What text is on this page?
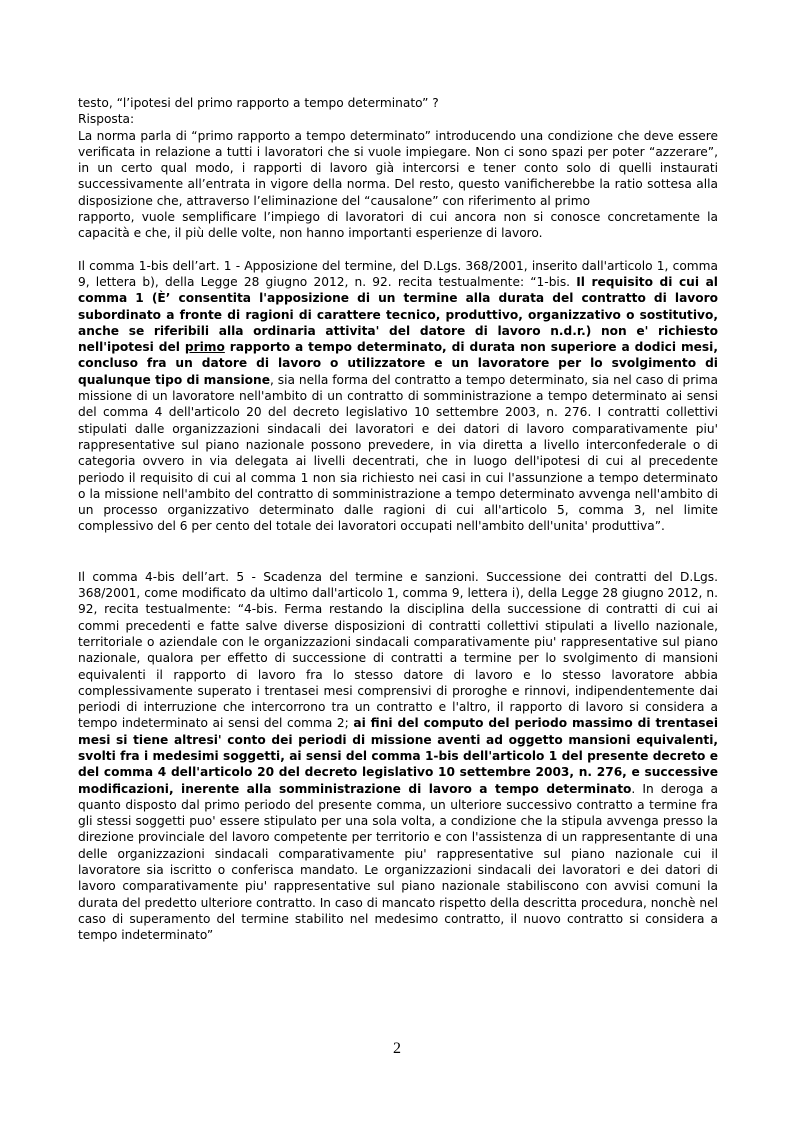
testo, “l’ipotesi del primo rapporto a tempo determinato” ?

Risposta:

La norma parla di “primo rapporto a tempo determinato” introducendo una condizione che deve essere verificata in relazione a tutti i lavoratori che si vuole impiegare. Non ci sono spazi per poter “azzerare”, in un certo qual modo, i rapporti di lavoro già intercorsi e tener conto solo di quelli instaurati successivamente all’entrata in vigore della norma. Del resto, questo vanificherebbe la ratio sottesa alla disposizione che, attraverso l’eliminazione del “causalone” con riferimento al primo

rapporto, vuole semplificare l’impiego di lavoratori di cui ancora non si conosce concretamente la capacità e che, il più delle volte, non hanno importanti esperienze di lavoro.

Il comma 1-bis dell’art. 1 - Apposizione del termine, del D.Lgs. 368/2001, inserito dall'articolo 1, comma 9, lettera b), della Legge 28 giugno 2012, n. 92. recita testualmente: “1-bis. Il requisito di cui al comma 1 (È’ consentita l'apposizione di un termine alla durata del contratto di lavoro subordinato a fronte di ragioni di carattere tecnico, produttivo, organizzativo o sostitutivo, anche se riferibili alla ordinaria attivita' del datore di lavoro n.d.r.) non e' richiesto nell'ipotesi del primo rapporto a tempo determinato, di durata non superiore a dodici mesi, concluso fra un datore di lavoro o utilizzatore e un lavoratore per lo svolgimento di qualunque tipo di mansione, sia nella forma del contratto a tempo determinato, sia nel caso di prima missione di un lavoratore nell'ambito di un contratto di somministrazione a tempo determinato ai sensi del comma 4 dell'articolo 20 del decreto legislativo 10 settembre 2003, n. 276. I contratti collettivi stipulati dalle organizzazioni sindacali dei lavoratori e dei datori di lavoro comparativamente piu' rappresentative sul piano nazionale possono prevedere, in via diretta a livello interconfederale o di categoria ovvero in via delegata ai livelli decentrati, che in luogo dell'ipotesi di cui al precedente periodo il requisito di cui al comma 1 non sia richiesto nei casi in cui l'assunzione a tempo determinato o la missione nell'ambito del contratto di somministrazione a tempo determinato avvenga nell'ambito di un processo organizzativo determinato dalle ragioni di cui all'articolo 5, comma 3, nel limite complessivo del 6 per cento del totale dei lavoratori occupati nell'ambito dell'unita' produttiva”.

Il comma 4-bis dell’art. 5 - Scadenza del termine e sanzioni. Successione dei contratti del D.Lgs. 368/2001, come modificato da ultimo dall'articolo 1, comma 9, lettera i), della Legge 28 giugno 2012, n. 92, recita testualmente: “4-bis. Ferma restando la disciplina della successione di contratti di cui ai commi precedenti e fatte salve diverse disposizioni di contratti collettivi stipulati a livello nazionale, territoriale o aziendale con le organizzazioni sindacali comparativamente piu' rappresentative sul piano nazionale, qualora per effetto di successione di contratti a termine per lo svolgimento di mansioni equivalenti il rapporto di lavoro fra lo stesso datore di lavoro e lo stesso lavoratore abbia complessivamente superato i trentasei mesi comprensivi di proroghe e rinnovi, indipendentemente dai periodi di interruzione che intercorrono tra un contratto e l'altro, il rapporto di lavoro si considera a tempo indeterminato ai sensi del comma 2; ai fini del computo del periodo massimo di trentasei mesi si tiene altresi' conto dei periodi di missione aventi ad oggetto mansioni equivalenti, svolti fra i medesimi soggetti, ai sensi del comma 1-bis dell'articolo 1 del presente decreto e del comma 4 dell'articolo 20 del decreto legislativo 10 settembre 2003, n. 276, e successive modificazioni, inerente alla somministrazione di lavoro a tempo determinato. In deroga a quanto disposto dal primo periodo del presente comma, un ulteriore successivo contratto a termine fra gli stessi soggetti puo' essere stipulato per una sola volta, a condizione che la stipula avvenga presso la direzione provinciale del lavoro competente per territorio e con l'assistenza di un rappresentante di una delle organizzazioni sindacali comparativamente piu' rappresentative sul piano nazionale cui il lavoratore sia iscritto o conferisca mandato. Le organizzazioni sindacali dei lavoratori e dei datori di lavoro comparativamente piu' rappresentative sul piano nazionale stabiliscono con avvisi comuni la durata del predetto ulteriore contratto. In caso di mancato rispetto della descritta procedura, nonchè nel caso di superamento del termine stabilito nel medesimo contratto, il nuovo contratto si considera a tempo indeterminato”

2
